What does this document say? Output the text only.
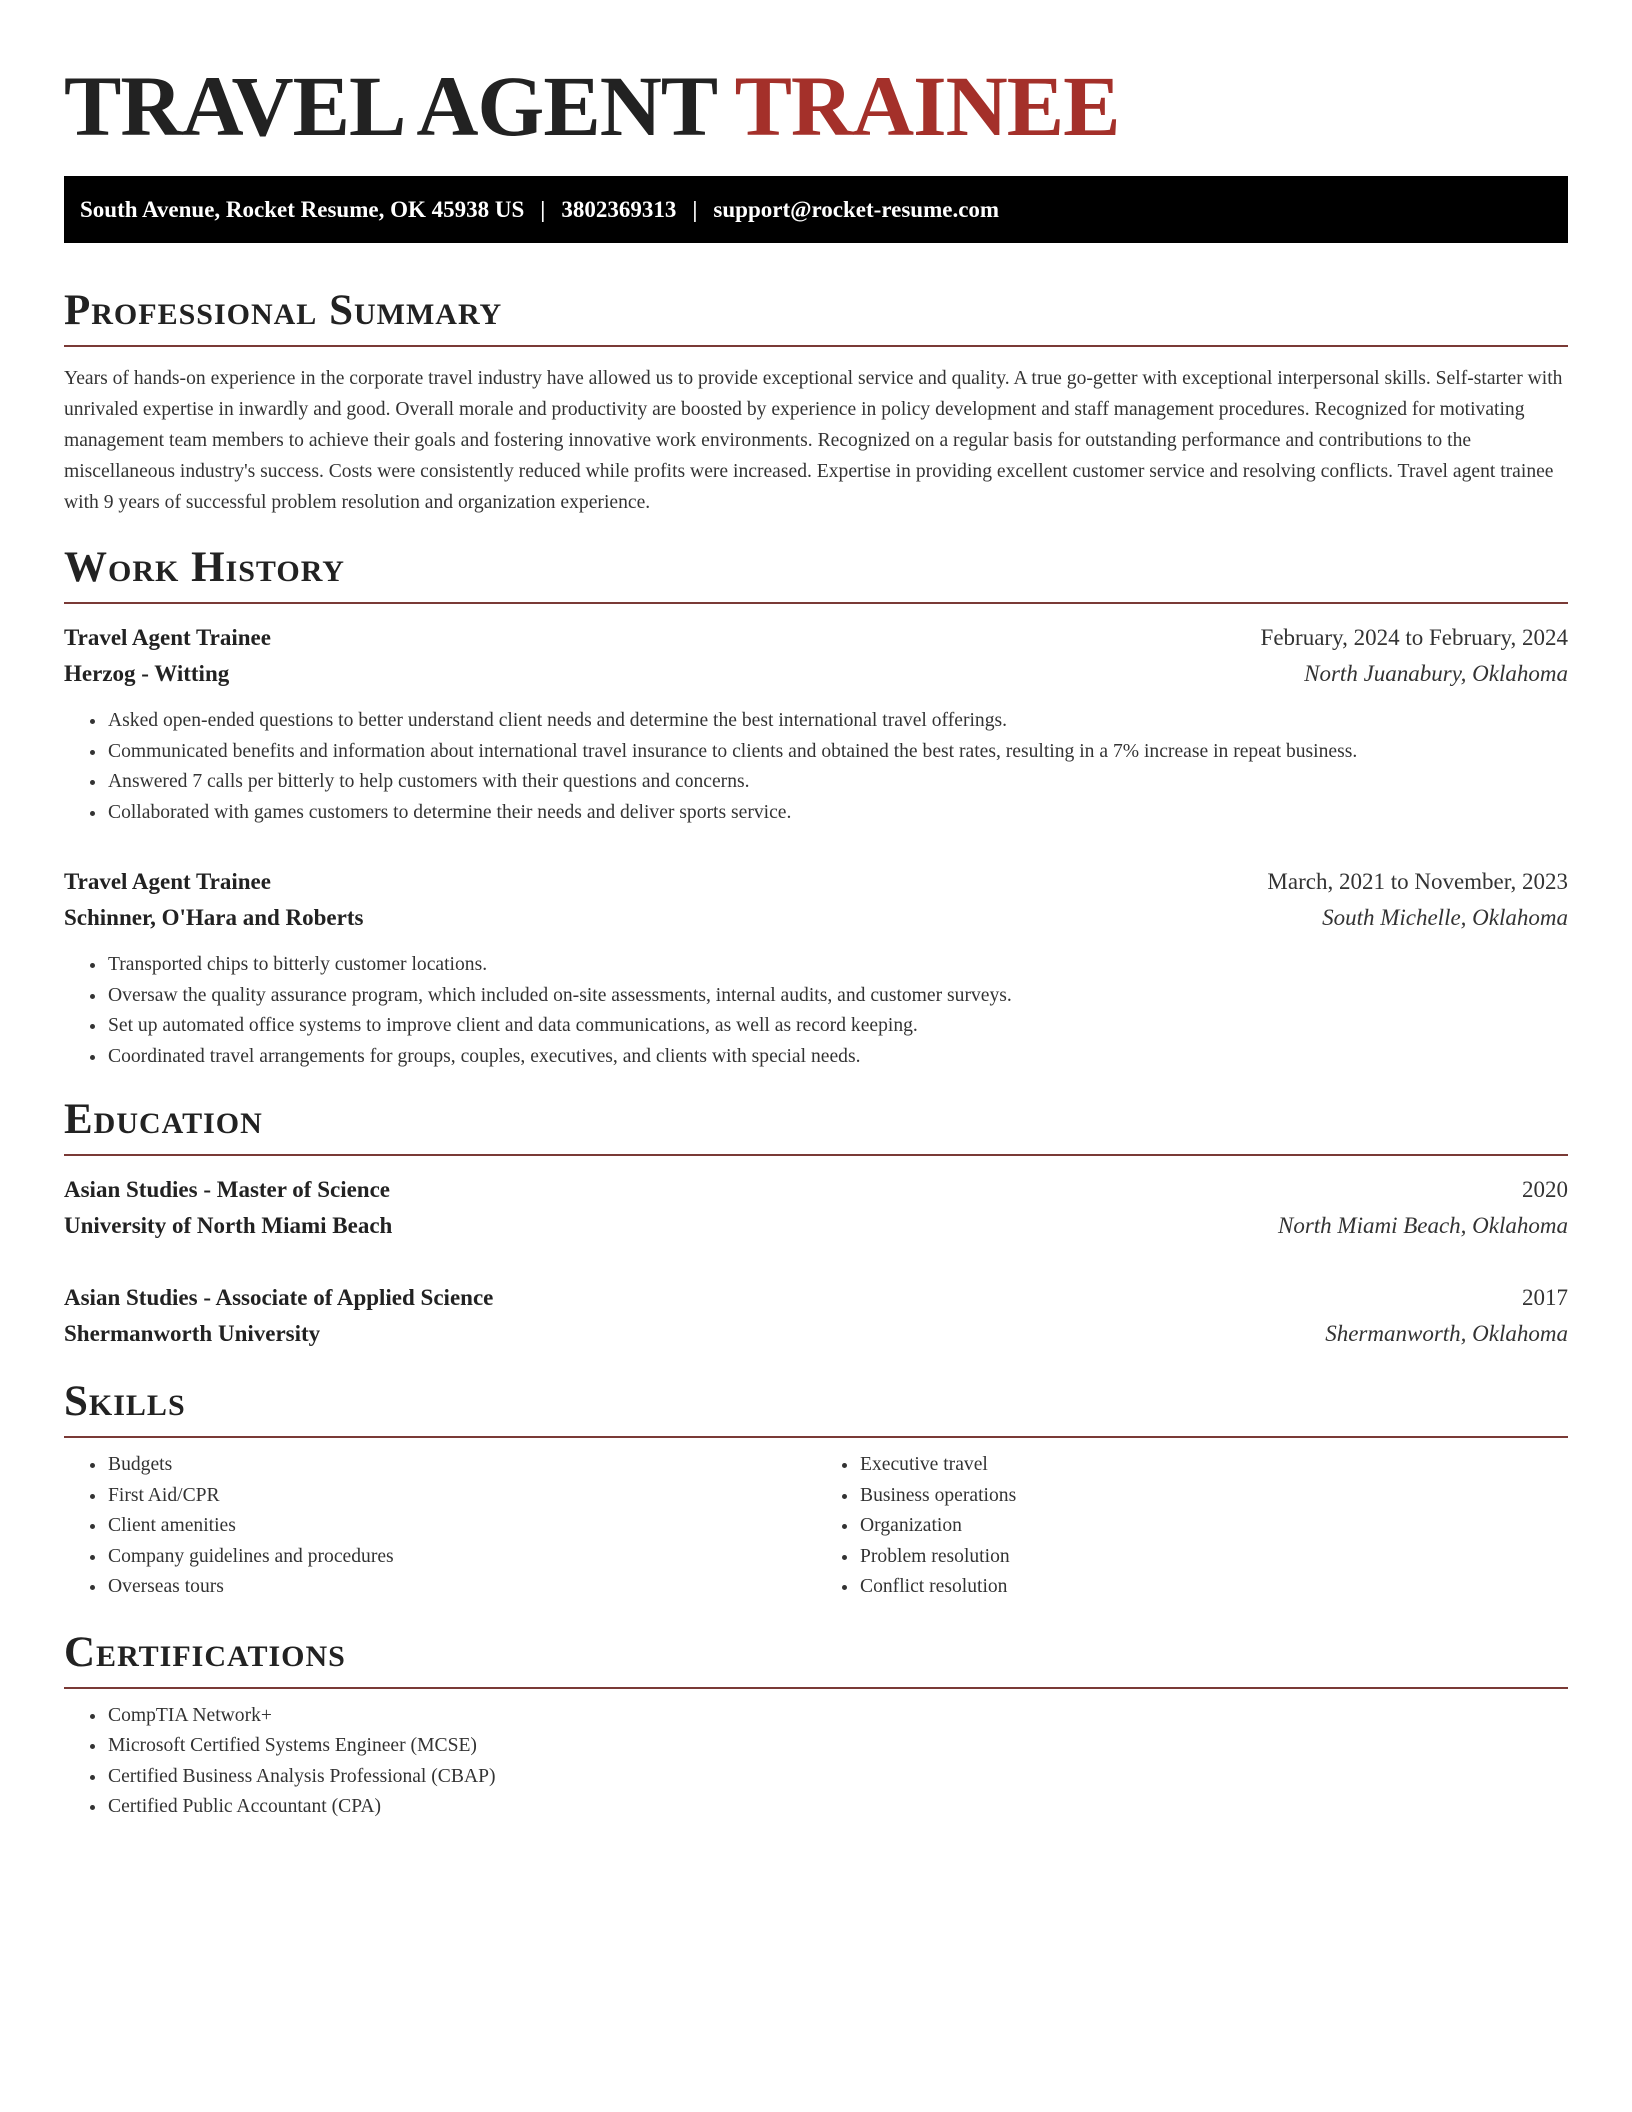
TRAVEL AGENT TRAINEE
South Avenue, Rocket Resume, OK 45938 US | 3802369313 | support@rocket-resume.com
Professional Summary

Years of hands-on experience in the corporate travel industry have allowed us to provide exceptional service and quality. A true go-getter with exceptional interpersonal skills. Self-starter with unrivaled expertise in inwardly and good. Overall morale and productivity are boosted by experience in policy development and staff management procedures. Recognized for motivating management team members to achieve their goals and fostering innovative work environments. Recognized on a regular basis for outstanding performance and contributions to the miscellaneous industry's success. Costs were consistently reduced while profits were increased. Expertise in providing excellent customer service and resolving conflicts. Travel agent trainee with 9 years of successful problem resolution and organization experience.

Work History
Travel Agent Trainee	February, 2024 to February, 2024
Herzog - Witting	North Juanabury, Oklahoma
• Asked open-ended questions to better understand client needs and determine the best international travel offerings.
• Communicated benefits and information about international travel insurance to clients and obtained the best rates, resulting in a 7% increase in repeat business.
• Answered 7 calls per bitterly to help customers with their questions and concerns.
• Collaborated with games customers to determine their needs and deliver sports service.
Travel Agent Trainee	March, 2021 to November, 2023
Schinner, O'Hara and Roberts	South Michelle, Oklahoma
• Transported chips to bitterly customer locations.
• Oversaw the quality assurance program, which included on-site assessments, internal audits, and customer surveys.
• Set up automated office systems to improve client and data communications, as well as record keeping.
• Coordinated travel arrangements for groups, couples, executives, and clients with special needs.
Education
Asian Studies - Master of Science	2020
University of North Miami Beach	North Miami Beach, Oklahoma
Asian Studies - Associate of Applied Science	2017
Shermanworth University	Shermanworth, Oklahoma
Skills
• Budgets
• First Aid/CPR
• Client amenities
• Company guidelines and procedures
• Overseas tours
• Executive travel
• Business operations
• Organization
• Problem resolution
• Conflict resolution
Certifications
• CompTIA Network+
• Microsoft Certified Systems Engineer (MCSE)
• Certified Business Analysis Professional (CBAP)
• Certified Public Accountant (CPA)
